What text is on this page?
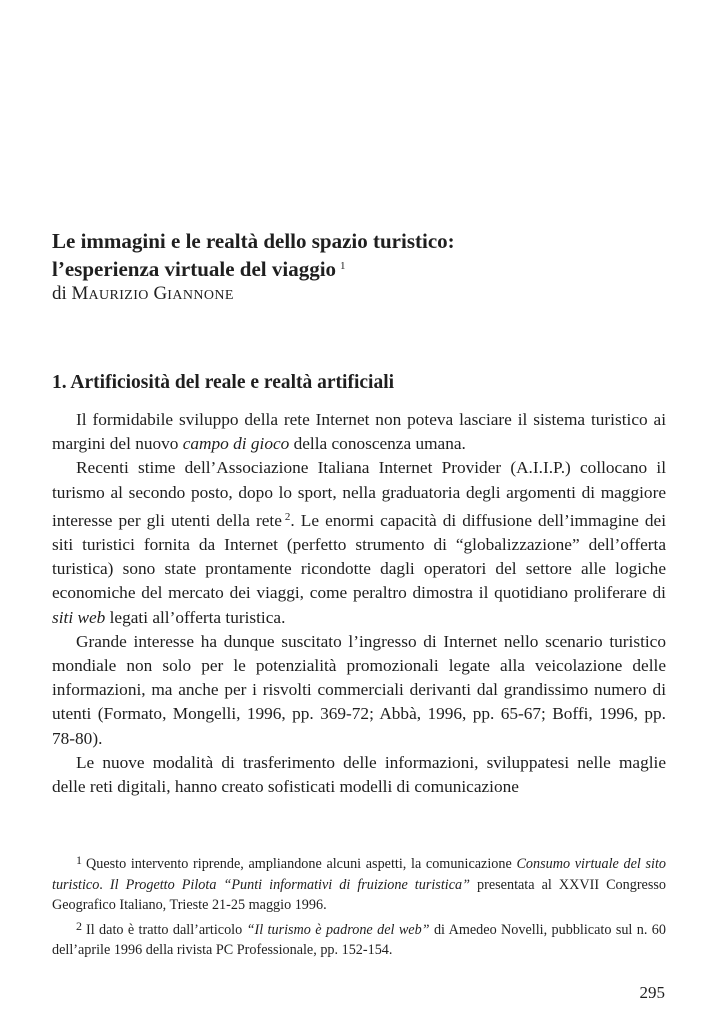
Le immagini e le realtà dello spazio turistico:
l’esperienza virtuale del viaggio $^1$
di MAURIZIO GIANNONE
1. Artificiosità del reale e realtà artificiali

Il formidabile sviluppo della rete Internet non poteva lasciare il sistema turistico ai margini del nuovo campo di gioco della conoscenza umana.

Recenti stime dell’Associazione Italiana Internet Provider (A.I.I.P.) collocano il turismo al secondo posto, dopo lo sport, nella graduatoria degli argomenti di maggiore interesse per gli utenti della rete $^2$. Le enormi capacità di diffusione dell’immagine dei siti turistici fornita da Internet (perfetto strumento di “globalizzazione” dell’offerta turistica) sono state prontamente ricondotte dagli operatori del settore alle logiche economiche del mercato dei viaggi, come peraltro dimostra il quotidiano proliferare di siti web legati all’offerta turistica.

Grande interesse ha dunque suscitato l’ingresso di Internet nello scenario turistico mondiale non solo per le potenzialità promozionali legate alla veicolazione delle informazioni, ma anche per i risvolti commerciali derivanti dal grandissimo numero di utenti (Formato, Mongelli, 1996, pp. 369-72; Abbà, 1996, pp. 65-67; Boffi, 1996, pp. 78-80).

Le nuove modalità di trasferimento delle informazioni, sviluppatesi nelle maglie delle reti digitali, hanno creato sofisticati modelli di comunicazione

$^1$ Questo intervento riprende, ampliandone alcuni aspetti, la comunicazione Consumo virtuale del sito turistico. Il Progetto Pilota “Punti informativi di fruizione turistica” presentata al XXVII Congresso Geografico Italiano, Trieste 21-25 maggio 1996.

$^2$ Il dato è tratto dall’articolo “Il turismo è padrone del web” di Amedeo Novelli, pubblicato sul n. 60 dell’aprile 1996 della rivista PC Professionale, pp. 152-154.

295
